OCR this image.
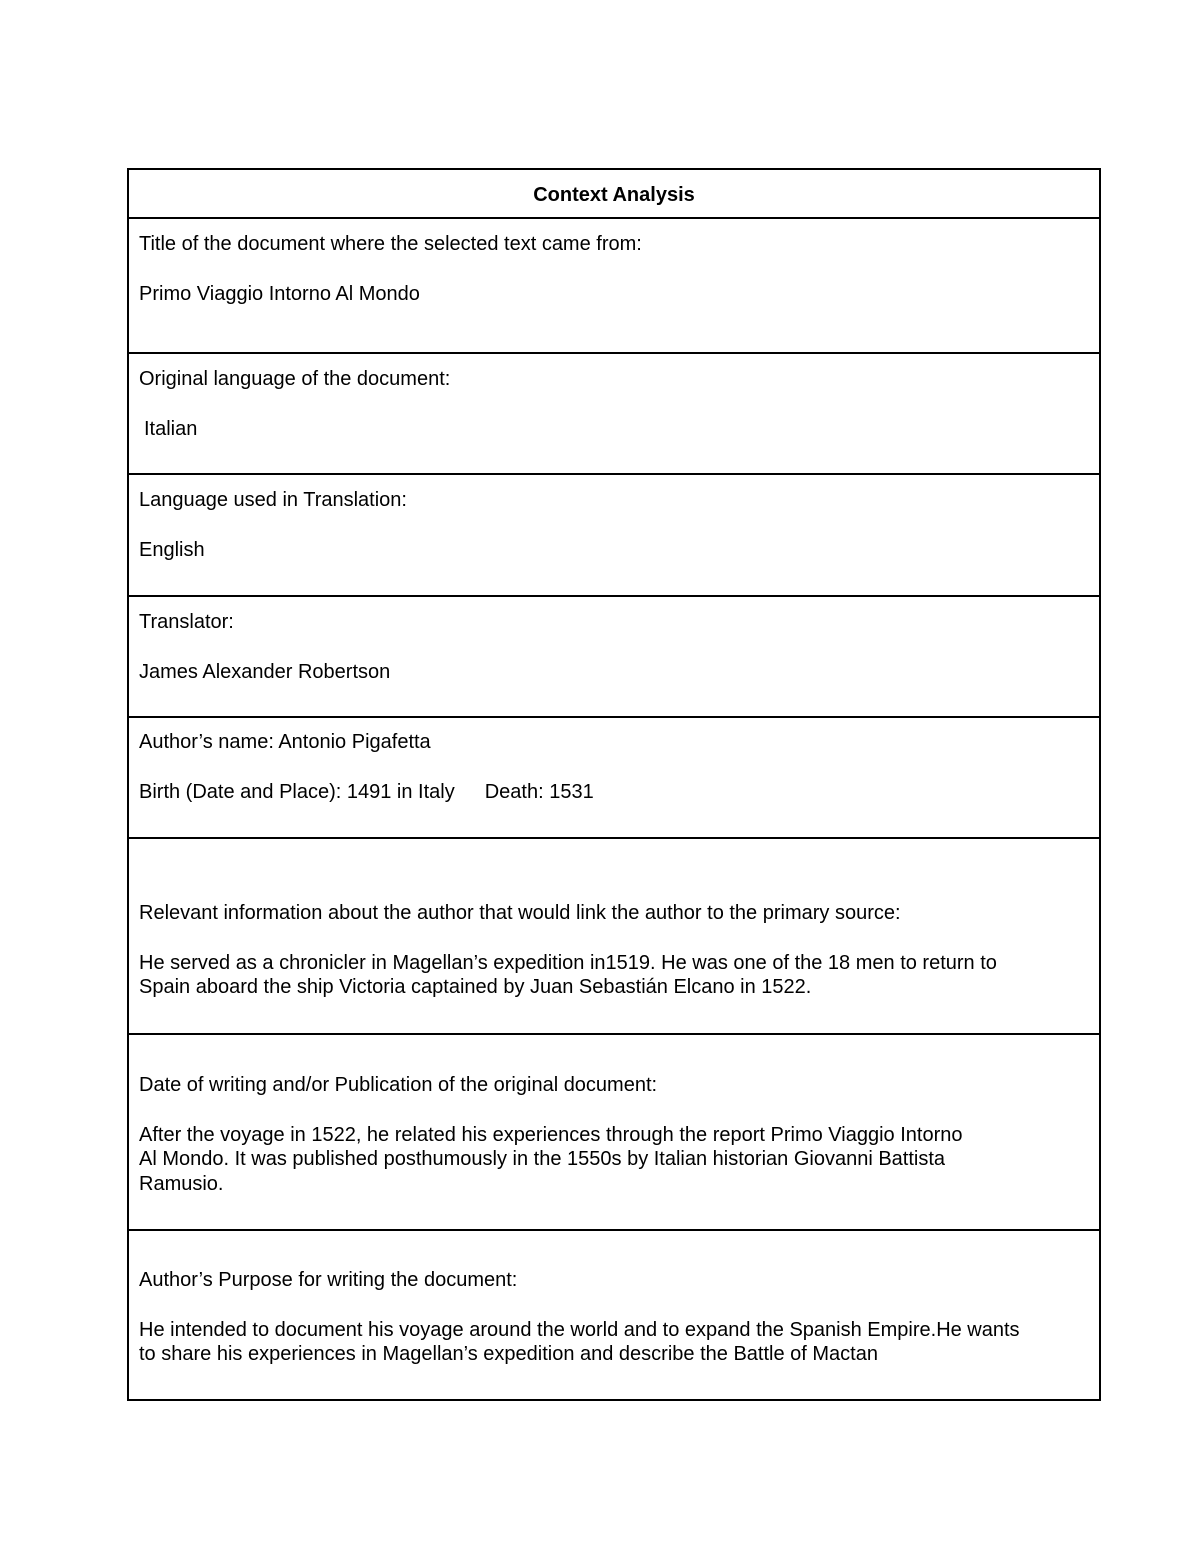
Context Analysis

Title of the document where the selected text came from:

Primo Viaggio Intorno Al Mondo

Original language of the document:

Italian

Language used in Translation:

English

Translator:

James Alexander Robertson

Author’s name: Antonio Pigafetta

Birth (Date and Place): 1491 in Italy Death: 1531

Relevant information about the author that would link the author to the primary source:

He served as a chronicler in Magellan’s expedition in1519. He was one of the 18 men to return to
Spain aboard the ship Victoria captained by Juan Sebastián Elcano in 1522.

Date of writing and/or Publication of the original document:

After the voyage in 1522, he related his experiences through the report Primo Viaggio Intorno
Al Mondo. It was published posthumously in the 1550s by Italian historian Giovanni Battista
Ramusio.

Author’s Purpose for writing the document:

He intended to document his voyage around the world and to expand the Spanish Empire.He wants
to share his experiences in Magellan’s expedition and describe the Battle of Mactan
